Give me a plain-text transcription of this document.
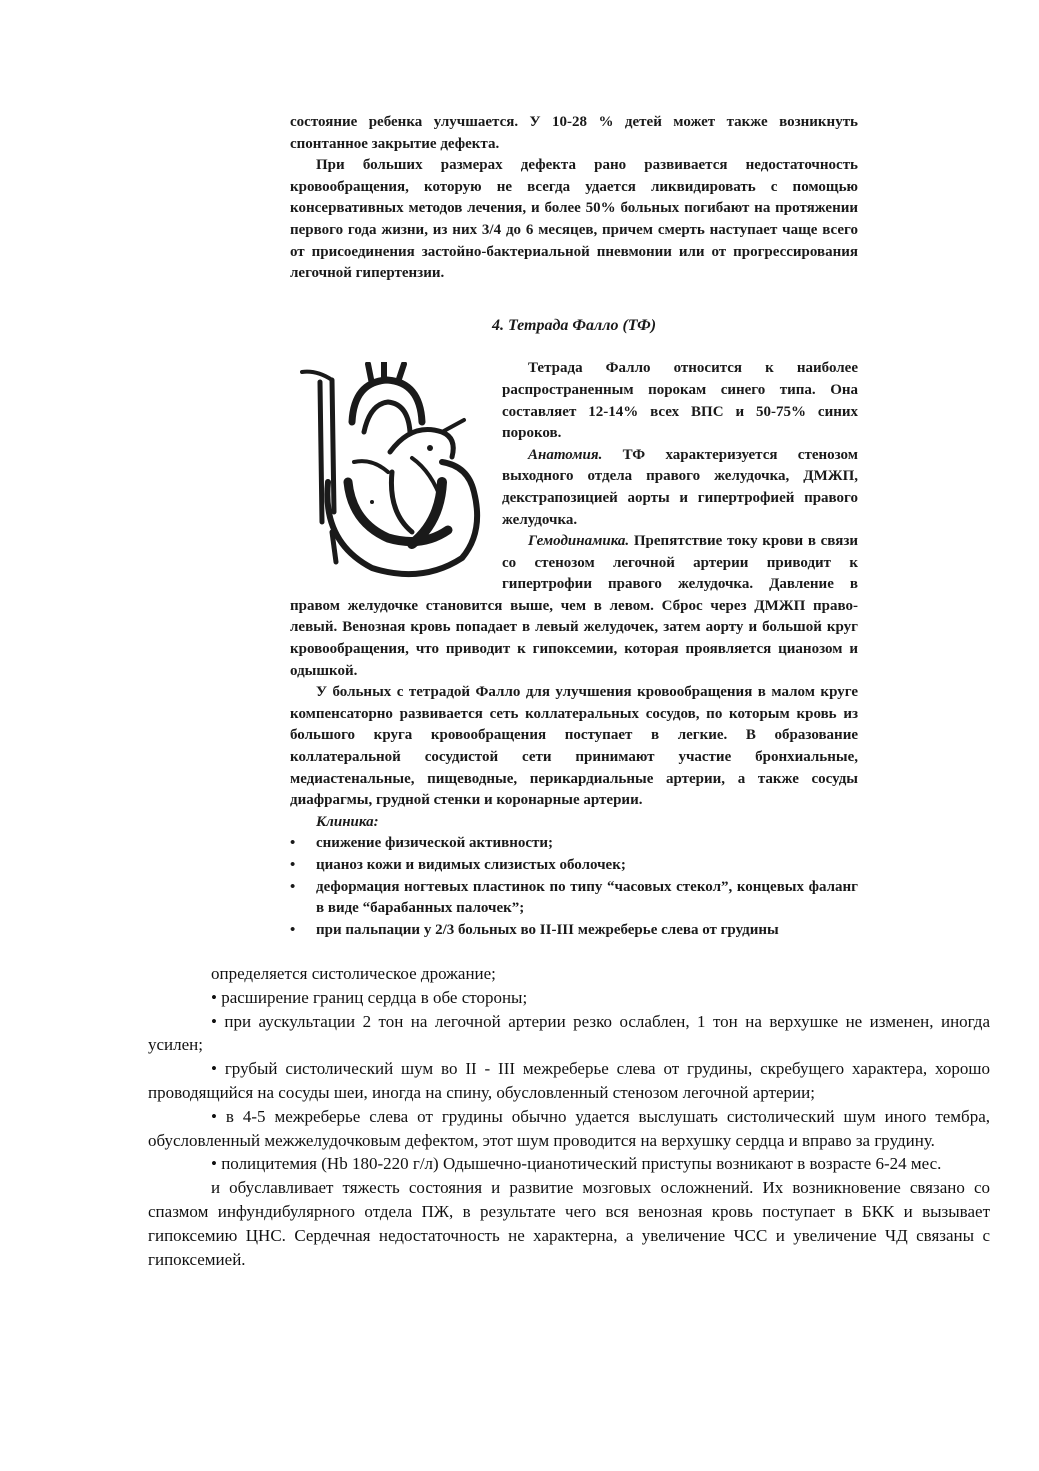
состояние ребенка улучшается. У 10-28 % детей может также возникнуть спонтанное закрытие дефекта.

При больших размерах дефекта рано развивается недостаточность кровообращения, которую не всегда удается ликвидировать с помощью консервативных методов лечения, и более 50% больных погибают на протяжении первого года жизни, из них 3/4 до 6 месяцев, причем смерть наступает чаще всего от присоединения застойно-бактериальной пневмонии или от прогрессирования легочной гипертензии.

4. Тетрада Фалло (ТФ)

Тетрада Фалло относится к наиболее распространенным порокам синего типа. Она составляет 12-14% всех ВПС и 50-75% синих пороков.

Анатомия. ТФ характеризуется стенозом выходного отдела правого желудочка, ДМЖП, декстрапозицией аорты и гипертрофией правого желудочка.

Гемодинамика. Препятствие току крови в связи со стенозом легочной артерии приводит к гипертрофии правого желудочка. Давление в правом желудочке становится выше, чем в левом. Сброс через ДМЖП право-левый. Венозная кровь попадает в левый желудочек, затем аорту и большой круг кровообращения, что приводит к гипоксемии, которая проявляется цианозом и одышкой.

У больных с тетрадой Фалло для улучшения кровообращения в малом круге компенсаторно развивается сеть коллатеральных сосудов, по которым кровь из большого круга кровообращения поступает в легкие. В образование коллатеральной сосудистой сети принимают участие бронхиальные, медиастенальные, пищеводные, перикардиальные артерии, а также сосуды диафрагмы, грудной стенки и коронарные артерии.

Клиника:

• снижение физической активности;
• цианоз кожи и видимых слизистых оболочек;
• деформация ногтевых пластинок по типу “часовых стекол”, концевых фаланг в виде “барабанных палочек”;
• при пальпации у 2/3 больных во II-III межреберье слева от грудины

определяется систолическое дрожание;

• расширение границ сердца в обе стороны;

• при аускультации 2 тон на легочной артерии резко ослаблен, 1 тон на верхушке не изменен, иногда усилен;

• грубый систолический шум во II - III межреберье слева от грудины, скребущего характера, хорошо проводящийся на сосуды шеи, иногда на спину, обусловленный стенозом легочной артерии;

• в 4-5 межреберье слева от грудины обычно удается выслушать систолический шум иного тембра, обусловленный межжелудочковым дефектом, этот шум проводится на верхушку сердца и вправо за грудину.

• полицитемия (Hb 180-220 г/л) Одышечно-цианотический приступы возникают в возрасте 6-24 мес.

и обуславливает тяжесть состояния и развитие мозговых осложнений. Их возникновение связано со спазмом инфундибулярного отдела ПЖ, в результате чего вся венозная кровь поступает в БКК и вызывает гипоксемию ЦНС. Сердечная недостаточность не характерна, а увеличение ЧСС и увеличение ЧД связаны с гипоксемией.
